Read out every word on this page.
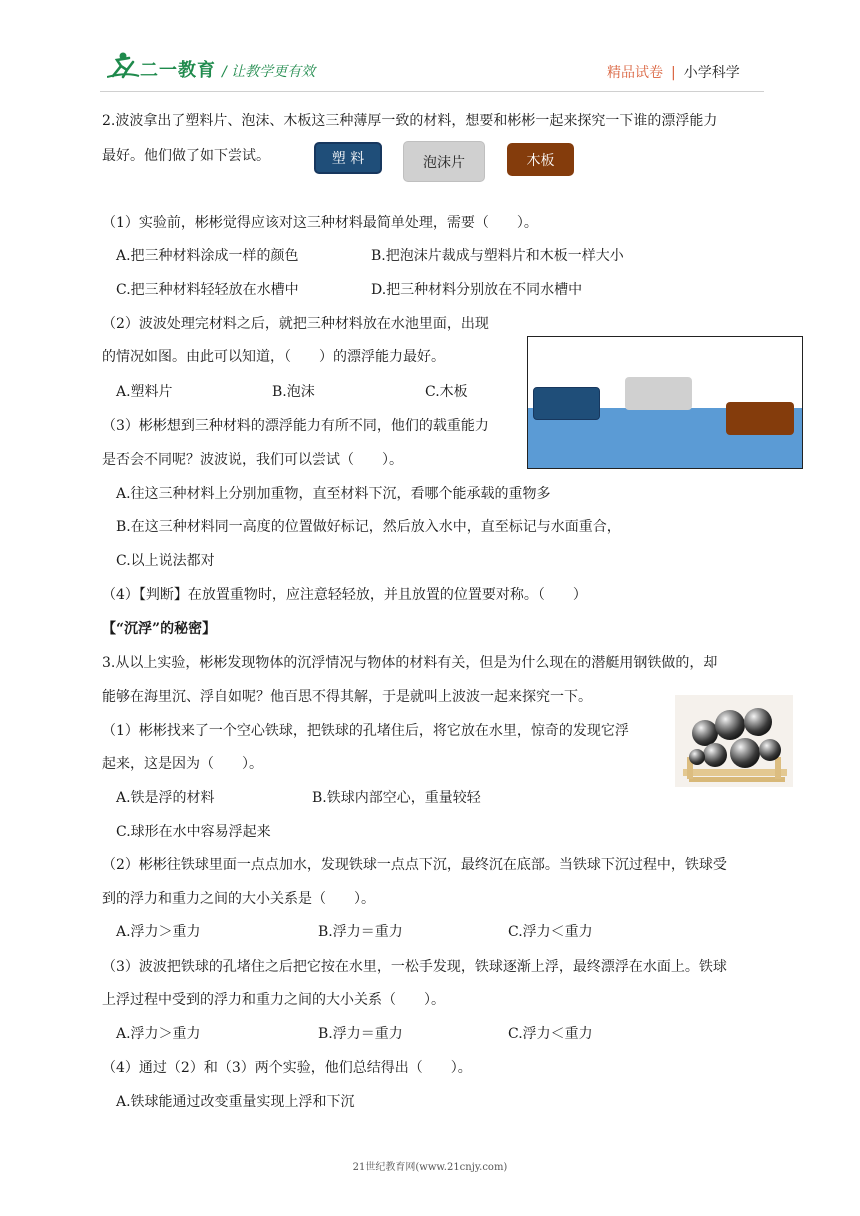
二一教育 / 让教学更有效	精品试卷 | 小学科学
2.波波拿出了塑料片、泡沫、木板这三种薄厚一致的材料，想要和彬彬一起来探究一下谁的漂浮能力
最好。他们做了如下尝试。	塑 料	泡沫片	木板
（1）实验前，彬彬觉得应该对这三种材料最简单处理，需要（　　）。
A.把三种材料涂成一样的颜色	B.把泡沫片裁成与塑料片和木板一样大小
C.把三种材料轻轻放在水槽中	D.把三种材料分别放在不同水槽中
（2）波波处理完材料之后，就把三种材料放在水池里面，出现
的情况如图。由此可以知道，（　　）的漂浮能力最好。
A.塑料片	B.泡沫	C.木板
（3）彬彬想到三种材料的漂浮能力有所不同，他们的载重能力
是否会不同呢？波波说，我们可以尝试（　　）。
A.往这三种材料上分别加重物，直至材料下沉，看哪个能承载的重物多
B.在这三种材料同一高度的位置做好标记，然后放入水中，直至标记与水面重合，
C.以上说法都对
（4）【判断】在放置重物时，应注意轻轻放，并且放置的位置要对称。（　　）
【“沉浮”的秘密】
3.从以上实验，彬彬发现物体的沉浮情况与物体的材料有关，但是为什么现在的潜艇用钢铁做的，却
能够在海里沉、浮自如呢？他百思不得其解，于是就叫上波波一起来探究一下。
（1）彬彬找来了一个空心铁球，把铁球的孔堵住后，将它放在水里，惊奇的发现它浮
起来，这是因为（　　）。
A.铁是浮的材料	B.铁球内部空心，重量较轻
C.球形在水中容易浮起来
（2）彬彬往铁球里面一点点加水，发现铁球一点点下沉，最终沉在底部。当铁球下沉过程中，铁球受
到的浮力和重力之间的大小关系是（　　）。
A.浮力＞重力	B.浮力＝重力	C.浮力＜重力
（3）波波把铁球的孔堵住之后把它按在水里，一松手发现，铁球逐渐上浮，最终漂浮在水面上。铁球
上浮过程中受到的浮力和重力之间的大小关系（　　）。
A.浮力＞重力	B.浮力＝重力	C.浮力＜重力
（4）通过（2）和（3）两个实验，他们总结得出（　　）。
A.铁球能通过改变重量实现上浮和下沉
21世纪教育网(www.21cnjy.com)
